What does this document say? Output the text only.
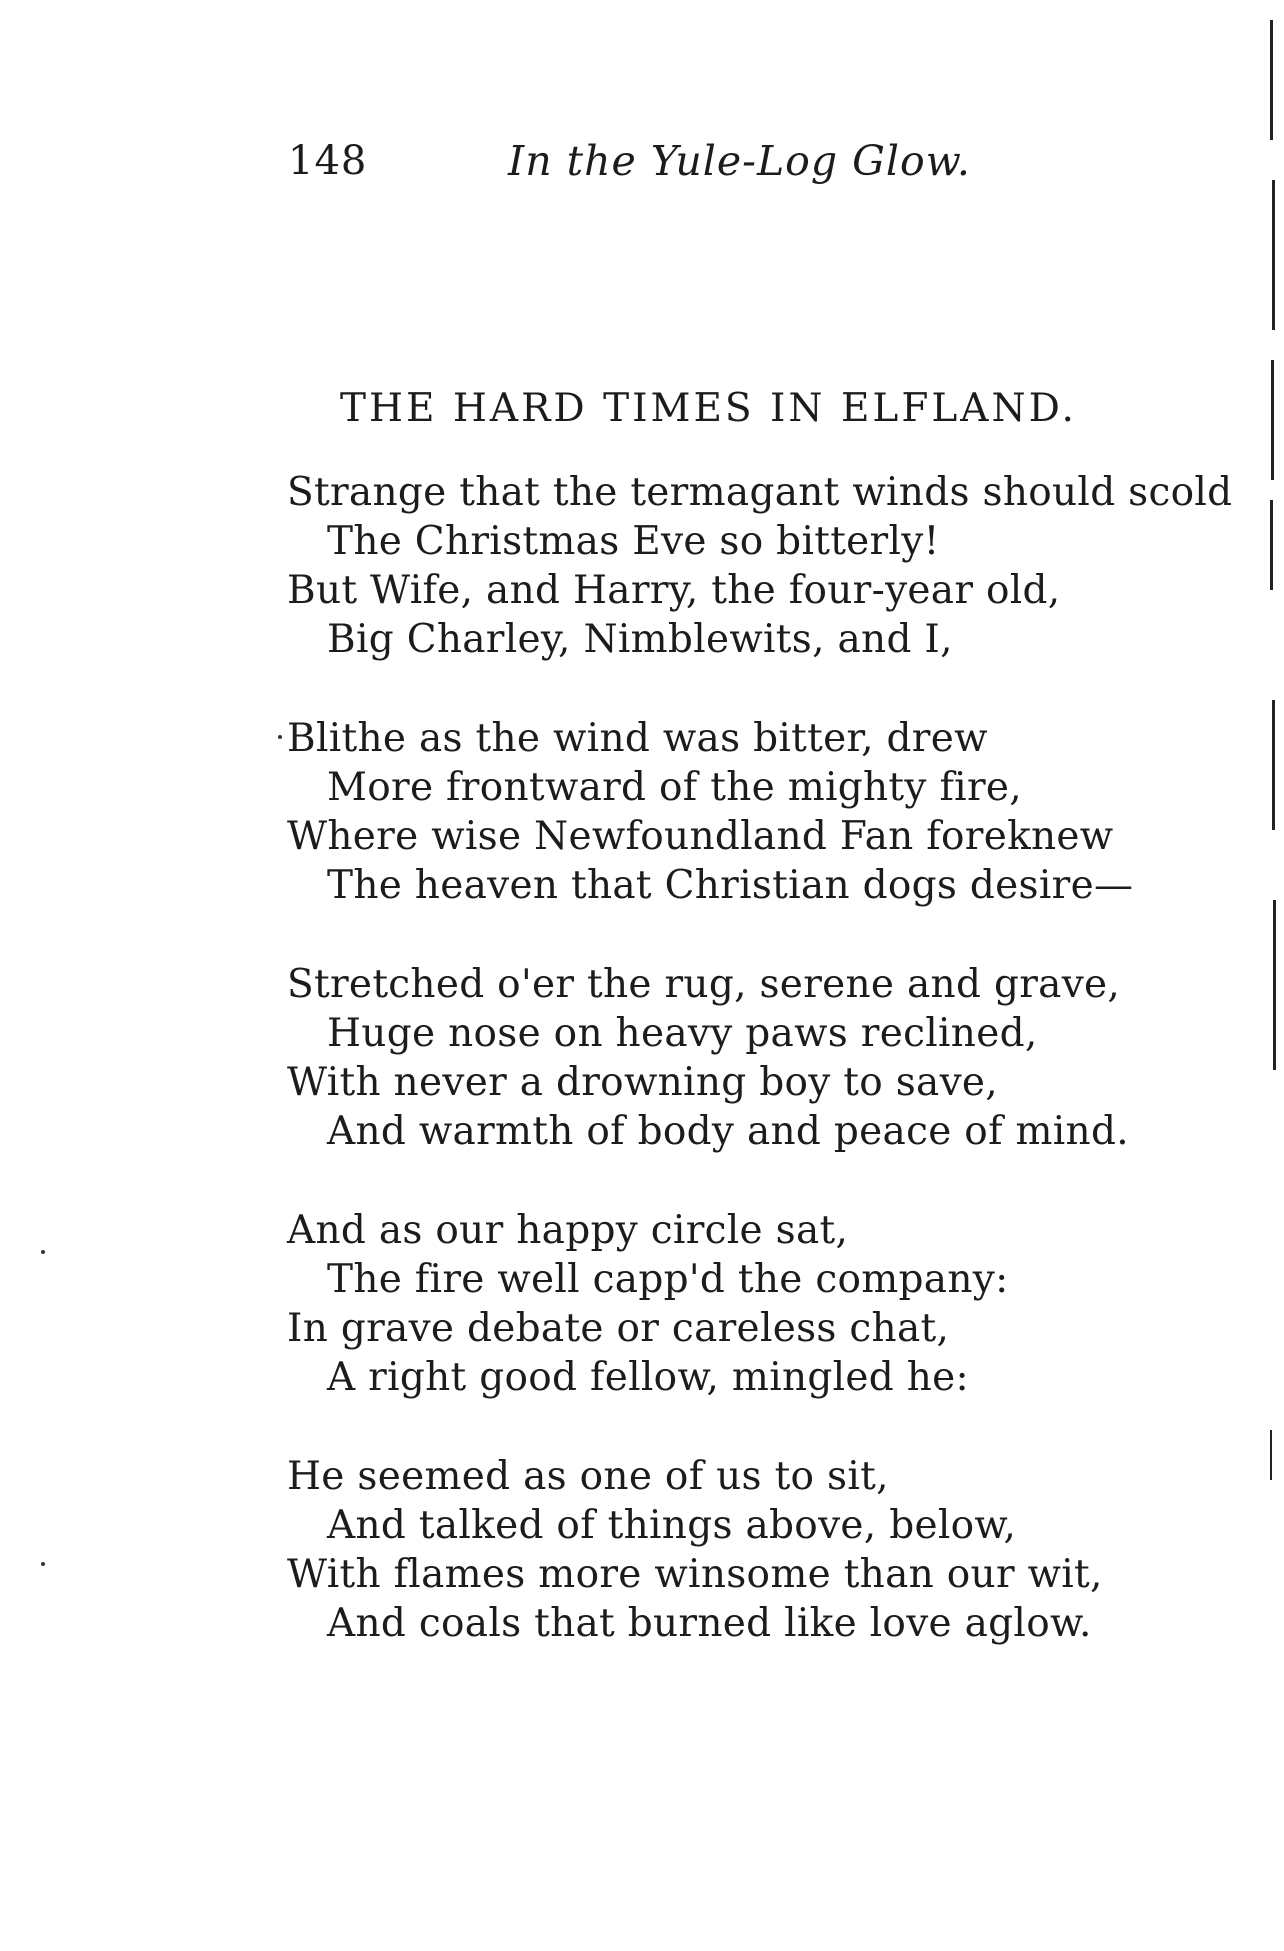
148	In the Yule-Log Glow.
THE HARD TIMES IN ELFLAND.
Strange that the termagant winds should scold
The Christmas Eve so bitterly!
But Wife, and Harry, the four-year old,
Big Charley, Nimblewits, and I,
Blithe as the wind was bitter, drew
More frontward of the mighty fire,
Where wise Newfoundland Fan foreknew
The heaven that Christian dogs desire—
Stretched o'er the rug, serene and grave,
Huge nose on heavy paws reclined,
With never a drowning boy to save,
And warmth of body and peace of mind.
And as our happy circle sat,
The fire well capp'd the company:
In grave debate or careless chat,
A right good fellow, mingled he:
He seemed as one of us to sit,
And talked of things above, below,
With flames more winsome than our wit,
And coals that burned like love aglow.
